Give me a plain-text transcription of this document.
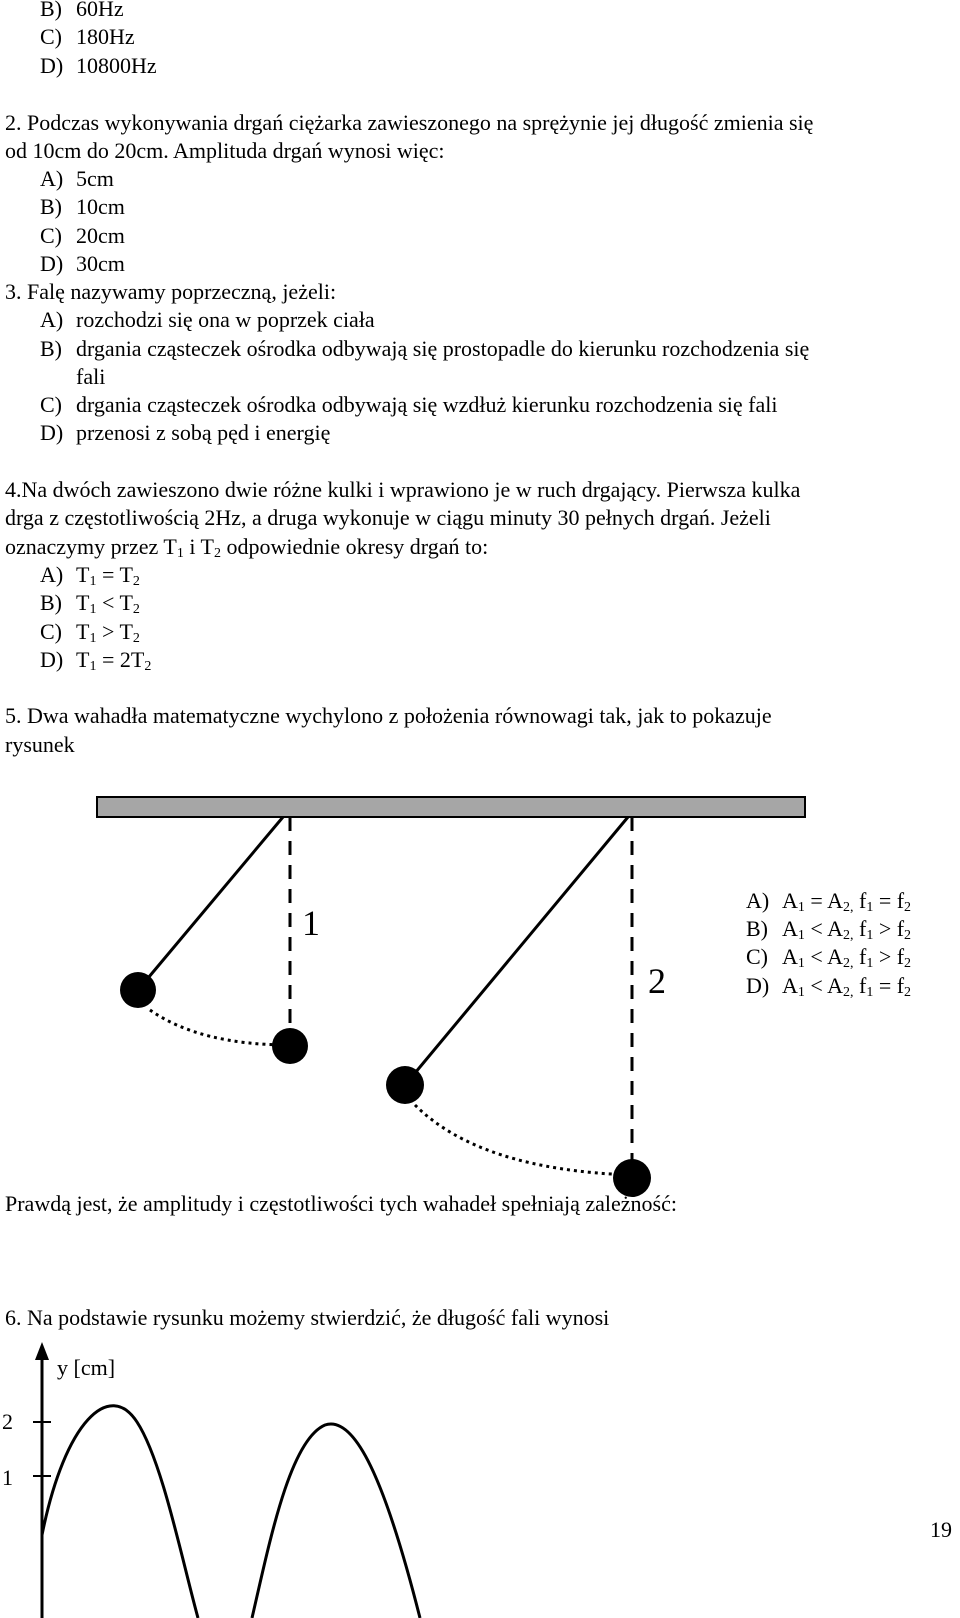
B) 60Hz
C) 180Hz
D) 10800Hz
2. Podczas wykonywania drgań ciężarka zawieszonego na sprężynie jej długość zmienia się
od 10cm do 20cm. Amplituda drgań wynosi więc:
A) 5cm
B) 10cm
C) 20cm
D) 30cm
3. Falę nazywamy poprzeczną, jeżeli:
A) rozchodzi się ona w poprzek ciała
B) drgania cząsteczek ośrodka odbywają się prostopadle do kierunku rozchodzenia się
fali
C) drgania cząsteczek ośrodka odbywają się wzdłuż kierunku rozchodzenia się fali
D) przenosi z sobą pęd i energię
4.Na dwóch zawieszono dwie różne kulki i wprawiono je w ruch drgający. Pierwsza kulka
drga z częstotliwością 2Hz, a druga wykonuje w ciągu minuty 30 pełnych drgań. Jeżeli
oznaczymy przez $T_1$ i $T_2$ odpowiednie okresy drgań to:
A) $T_1 = T_2$
B) $T_1 < T_2$
C) $T_1 > T_2$
D) $T_1 = 2T_2$
5. Dwa wahadła matematyczne wychylono z położenia równowagi tak, jak to pokazuje
rysunek
1
2
A) $A_1 = A_{2,}$ $f_1 = f_2$
B) $A_1 < A_{2,}$ $f_1 > f_2$
C) $A_1 < A_{2,}$ $f_1 > f_2$
D) $A_1 < A_{2,}$ $f_1 = f_2$
Prawdą jest, że amplitudy i częstotliwości tych wahadeł spełniają zależność:
6. Na podstawie rysunku możemy stwierdzić, że długość fali wynosi
y [cm]
2
1
19
